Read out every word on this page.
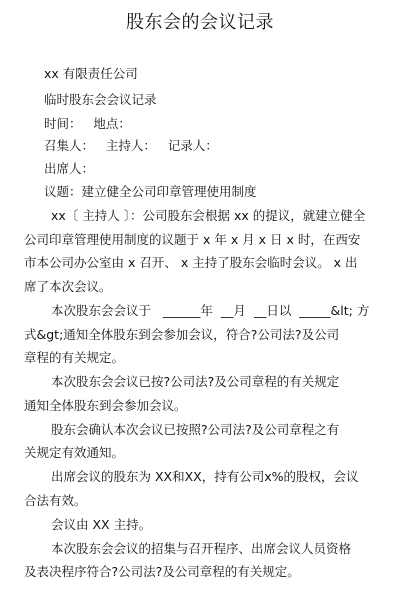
股东会的会议记录

xx 有限责任公司

临时股东会会议记录

时间：   地点：

召集人：   主持人：   记录人：

出席人：

议题：建立健全公司印章管理使用制度

xx〔 主持人 〕：公司股东会根据 xx 的提议，就建立健全

公司印章管理使用制度的议题于 x 年 x 月 x 日 x 时，在西安

市本公司办公室由 x 召开、 x 主持了股东会临时会议。 x 出

席了本次会议。

本次股东会会议于   ______年  __月  __日以  _____&lt; 方

式&gt;通知全体股东到会参加会议，符合?公司法?及公司

章程的有关规定。

本次股东会会议已按?公司法?及公司章程的有关规定

通知全体股东到会参加会议。

股东会确认本次会议已按照?公司法?及公司章程之有

关规定有效通知。

出席会议的股东为 XX和XX，持有公司x%的股权，会议

合法有效。

会议由 XX 主持。

本次股东会会议的招集与召开程序、出席会议人员资格

及表决程序符合?公司法?及公司章程的有关规定。
